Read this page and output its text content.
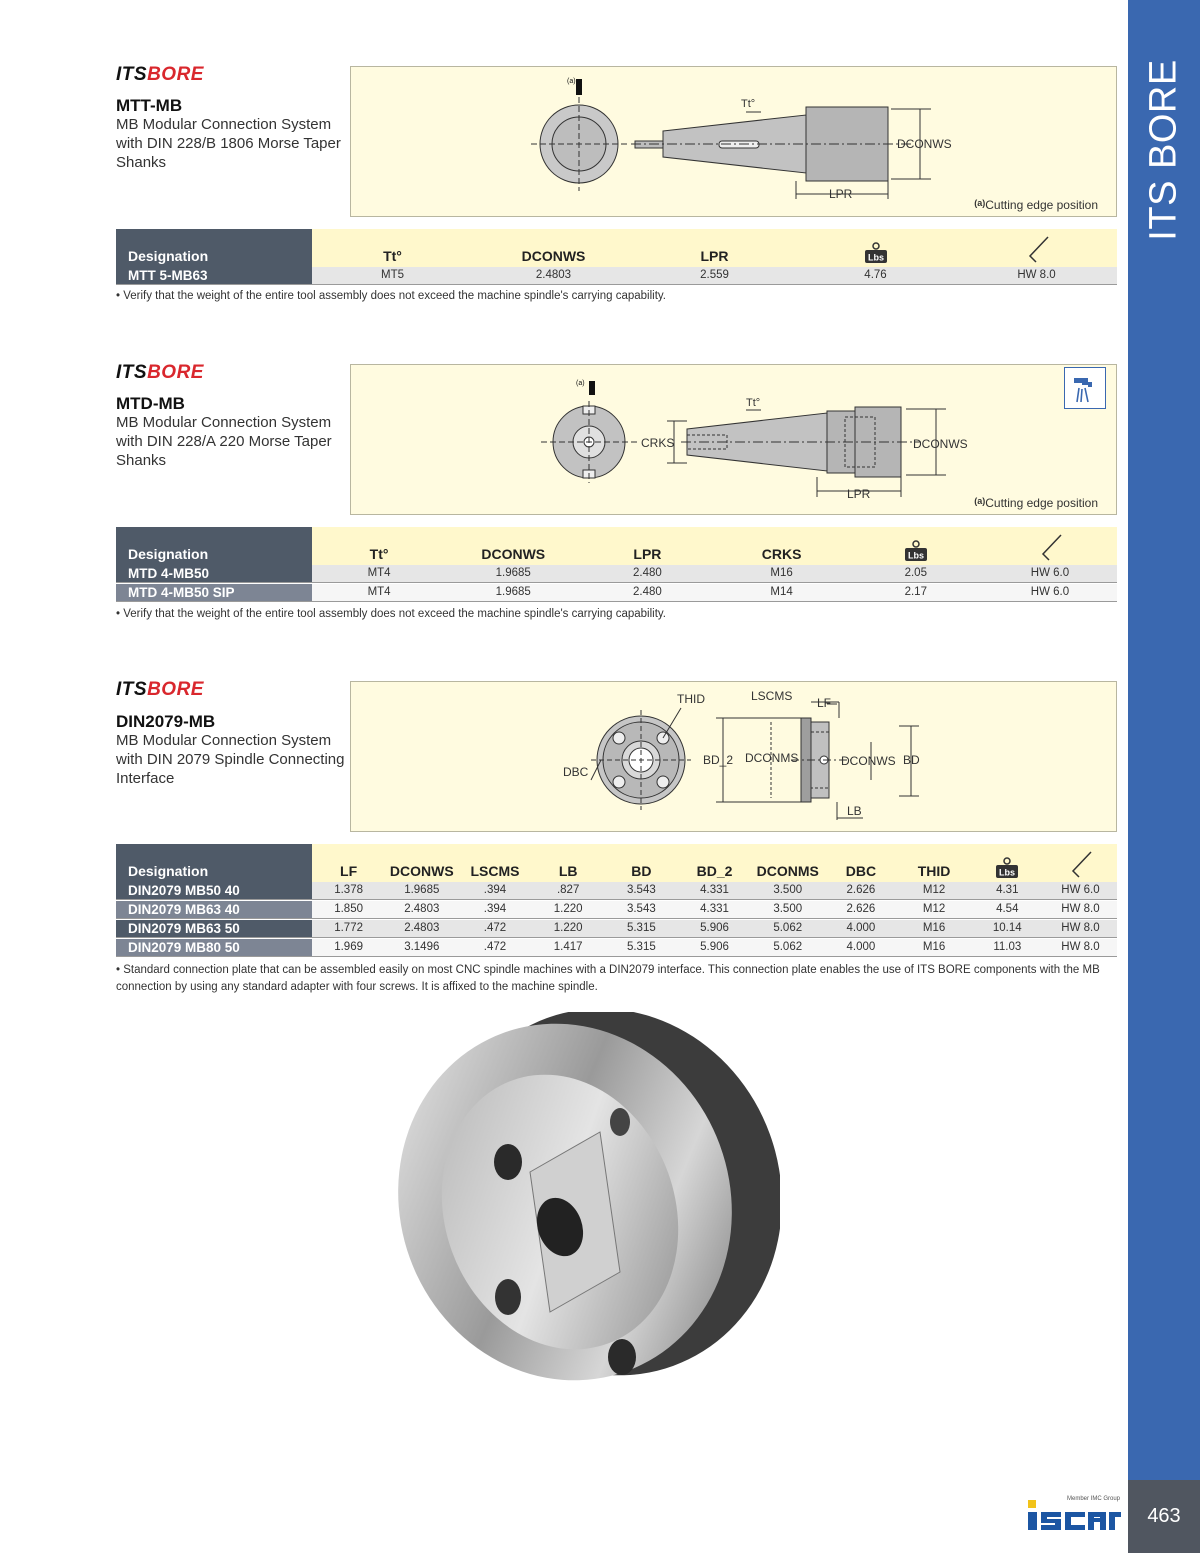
ITS BORE
463
Member IMC Group
ITSBORE
MTT-MB
MB Modular Connection System with DIN 228/B 1806 Morse Taper Shanks
(a)
Tt°
DCONWS
LPR
$^{(a)}$Cutting edge position
Designation	Tt°	DCONWS	LPR	Lbs
MTT 5-MB63	MT5	2.4803	2.559	4.76	HW 8.0
• Verify that the weight of the entire tool assembly does not exceed the machine spindle's carrying capability.
ITSBORE
MTD-MB
MB Modular Connection System with DIN 228/A 220 Morse Taper Shanks
(a)
Tt°
CRKS	DCONWS
LPR	$^{(a)}$Cutting edge position
Designation	Tt°	DCONWS	LPR	CRKS	Lbs
MTD 4-MB50	MT4	1.9685	2.480	M16	2.05	HW 6.0
MTD 4-MB50 SIP	MT4	1.9685	2.480	M14	2.17	HW 6.0
• Verify that the weight of the entire tool assembly does not exceed the machine spindle's carrying capability.
ITSBORE
DIN2079-MB
MB Modular Connection System with DIN 2079 Spindle Connecting Interface
THID	LSCMS LF
DBC
BD_2 DCONMS	DCONWS BD
LB
Designation	LF	DCONWS	LSCMS	LB	BD	BD_2	DCONMS	DBC	THID	Lbs
DIN2079 MB50 40	1.378	1.9685	.394	.827	3.543	4.331	3.500	2.626	M12	4.31	HW 6.0
DIN2079 MB63 40	1.850	2.4803	.394	1.220	3.543	4.331	3.500	2.626	M12	4.54	HW 8.0
DIN2079 MB63 50	1.772	2.4803	.472	1.220	5.315	5.906	5.062	4.000	M16	10.14	HW 8.0
DIN2079 MB80 50	1.969	3.1496	.472	1.417	5.315	5.906	5.062	4.000	M16	11.03	HW 8.0
• Standard connection plate that can be assembled easily on most CNC spindle machines with a DIN2079 interface. This connection plate enables the use of ITS BORE components with the MB connection by using any standard adapter with four screws. It is affixed to the machine spindle.
